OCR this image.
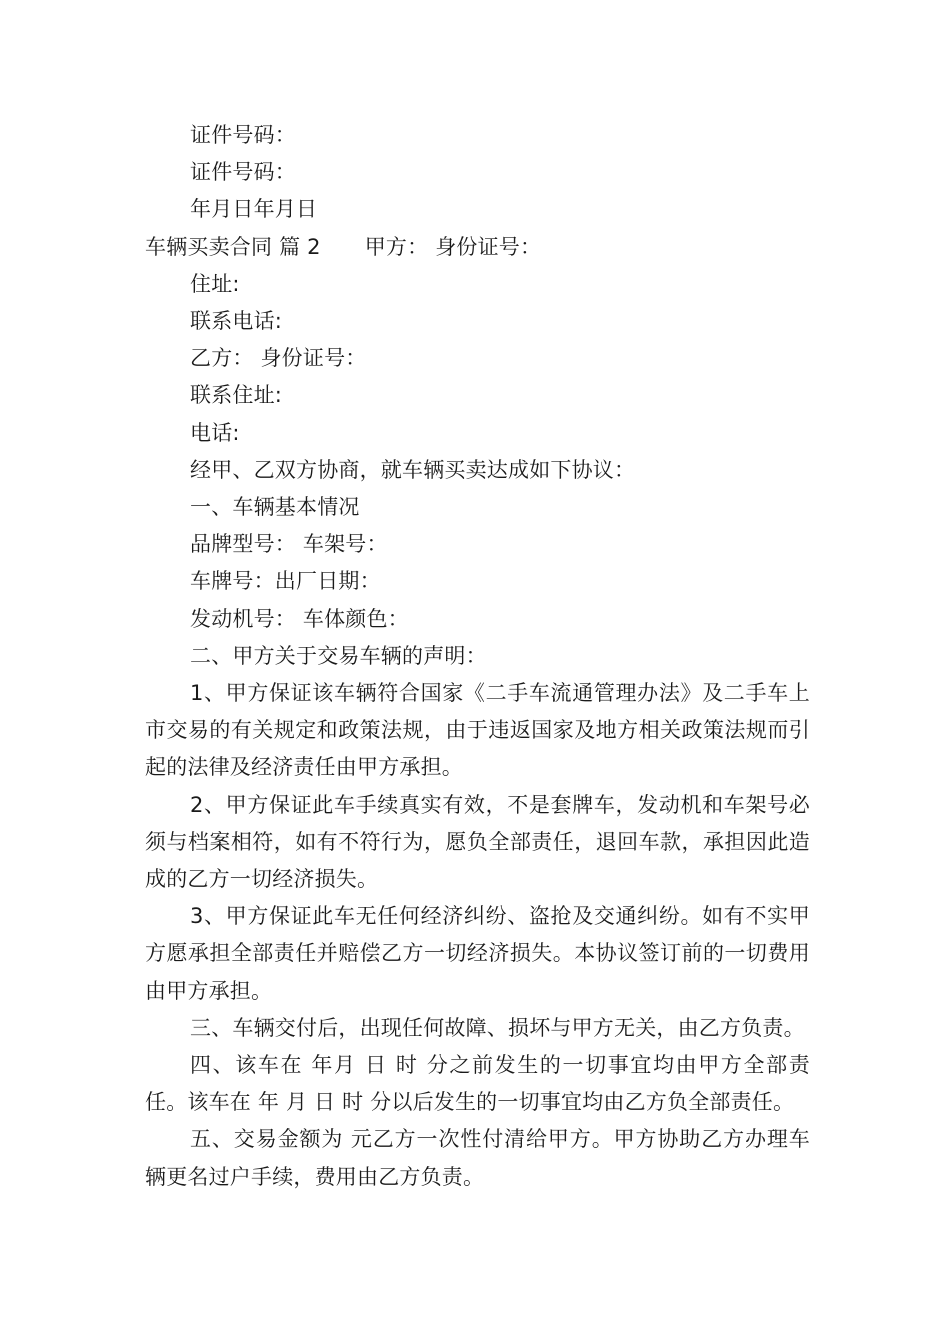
证件号码：

证件号码：

年月日年月日

车辆买卖合同 篇 2 甲方： 身份证号：

住址:

联系电话:

乙方： 身份证号：

联系住址:

电话:

经甲、乙双方协商，就车辆买卖达成如下协议：

一、车辆基本情况

品牌型号： 车架号：

车牌号：出厂日期：

发动机号： 车体颜色：

二、甲方关于交易车辆的声明：

1、甲方保证该车辆符合国家《二手车流通管理办法》及二手车上市交易的有关规定和政策法规，由于违返国家及地方相关政策法规而引起的法律及经济责任由甲方承担。

2、甲方保证此车手续真实有效，不是套牌车，发动机和车架号必须与档案相符，如有不符行为，愿负全部责任，退回车款，承担因此造成的乙方一切经济损失。

3、甲方保证此车无任何经济纠纷、盗抢及交通纠纷。如有不实甲方愿承担全部责任并赔偿乙方一切经济损失。本协议签订前的一切费用由甲方承担。

三、车辆交付后，出现任何故障、损坏与甲方无关，由乙方负责。

四、该车在 年月 日 时 分之前发生的一切事宜均由甲方全部责任。该车在 年 月 日 时 分以后发生的一切事宜均由乙方负全部责任。

五、交易金额为 元乙方一次性付清给甲方。甲方协助乙方办理车辆更名过户手续，费用由乙方负责。
